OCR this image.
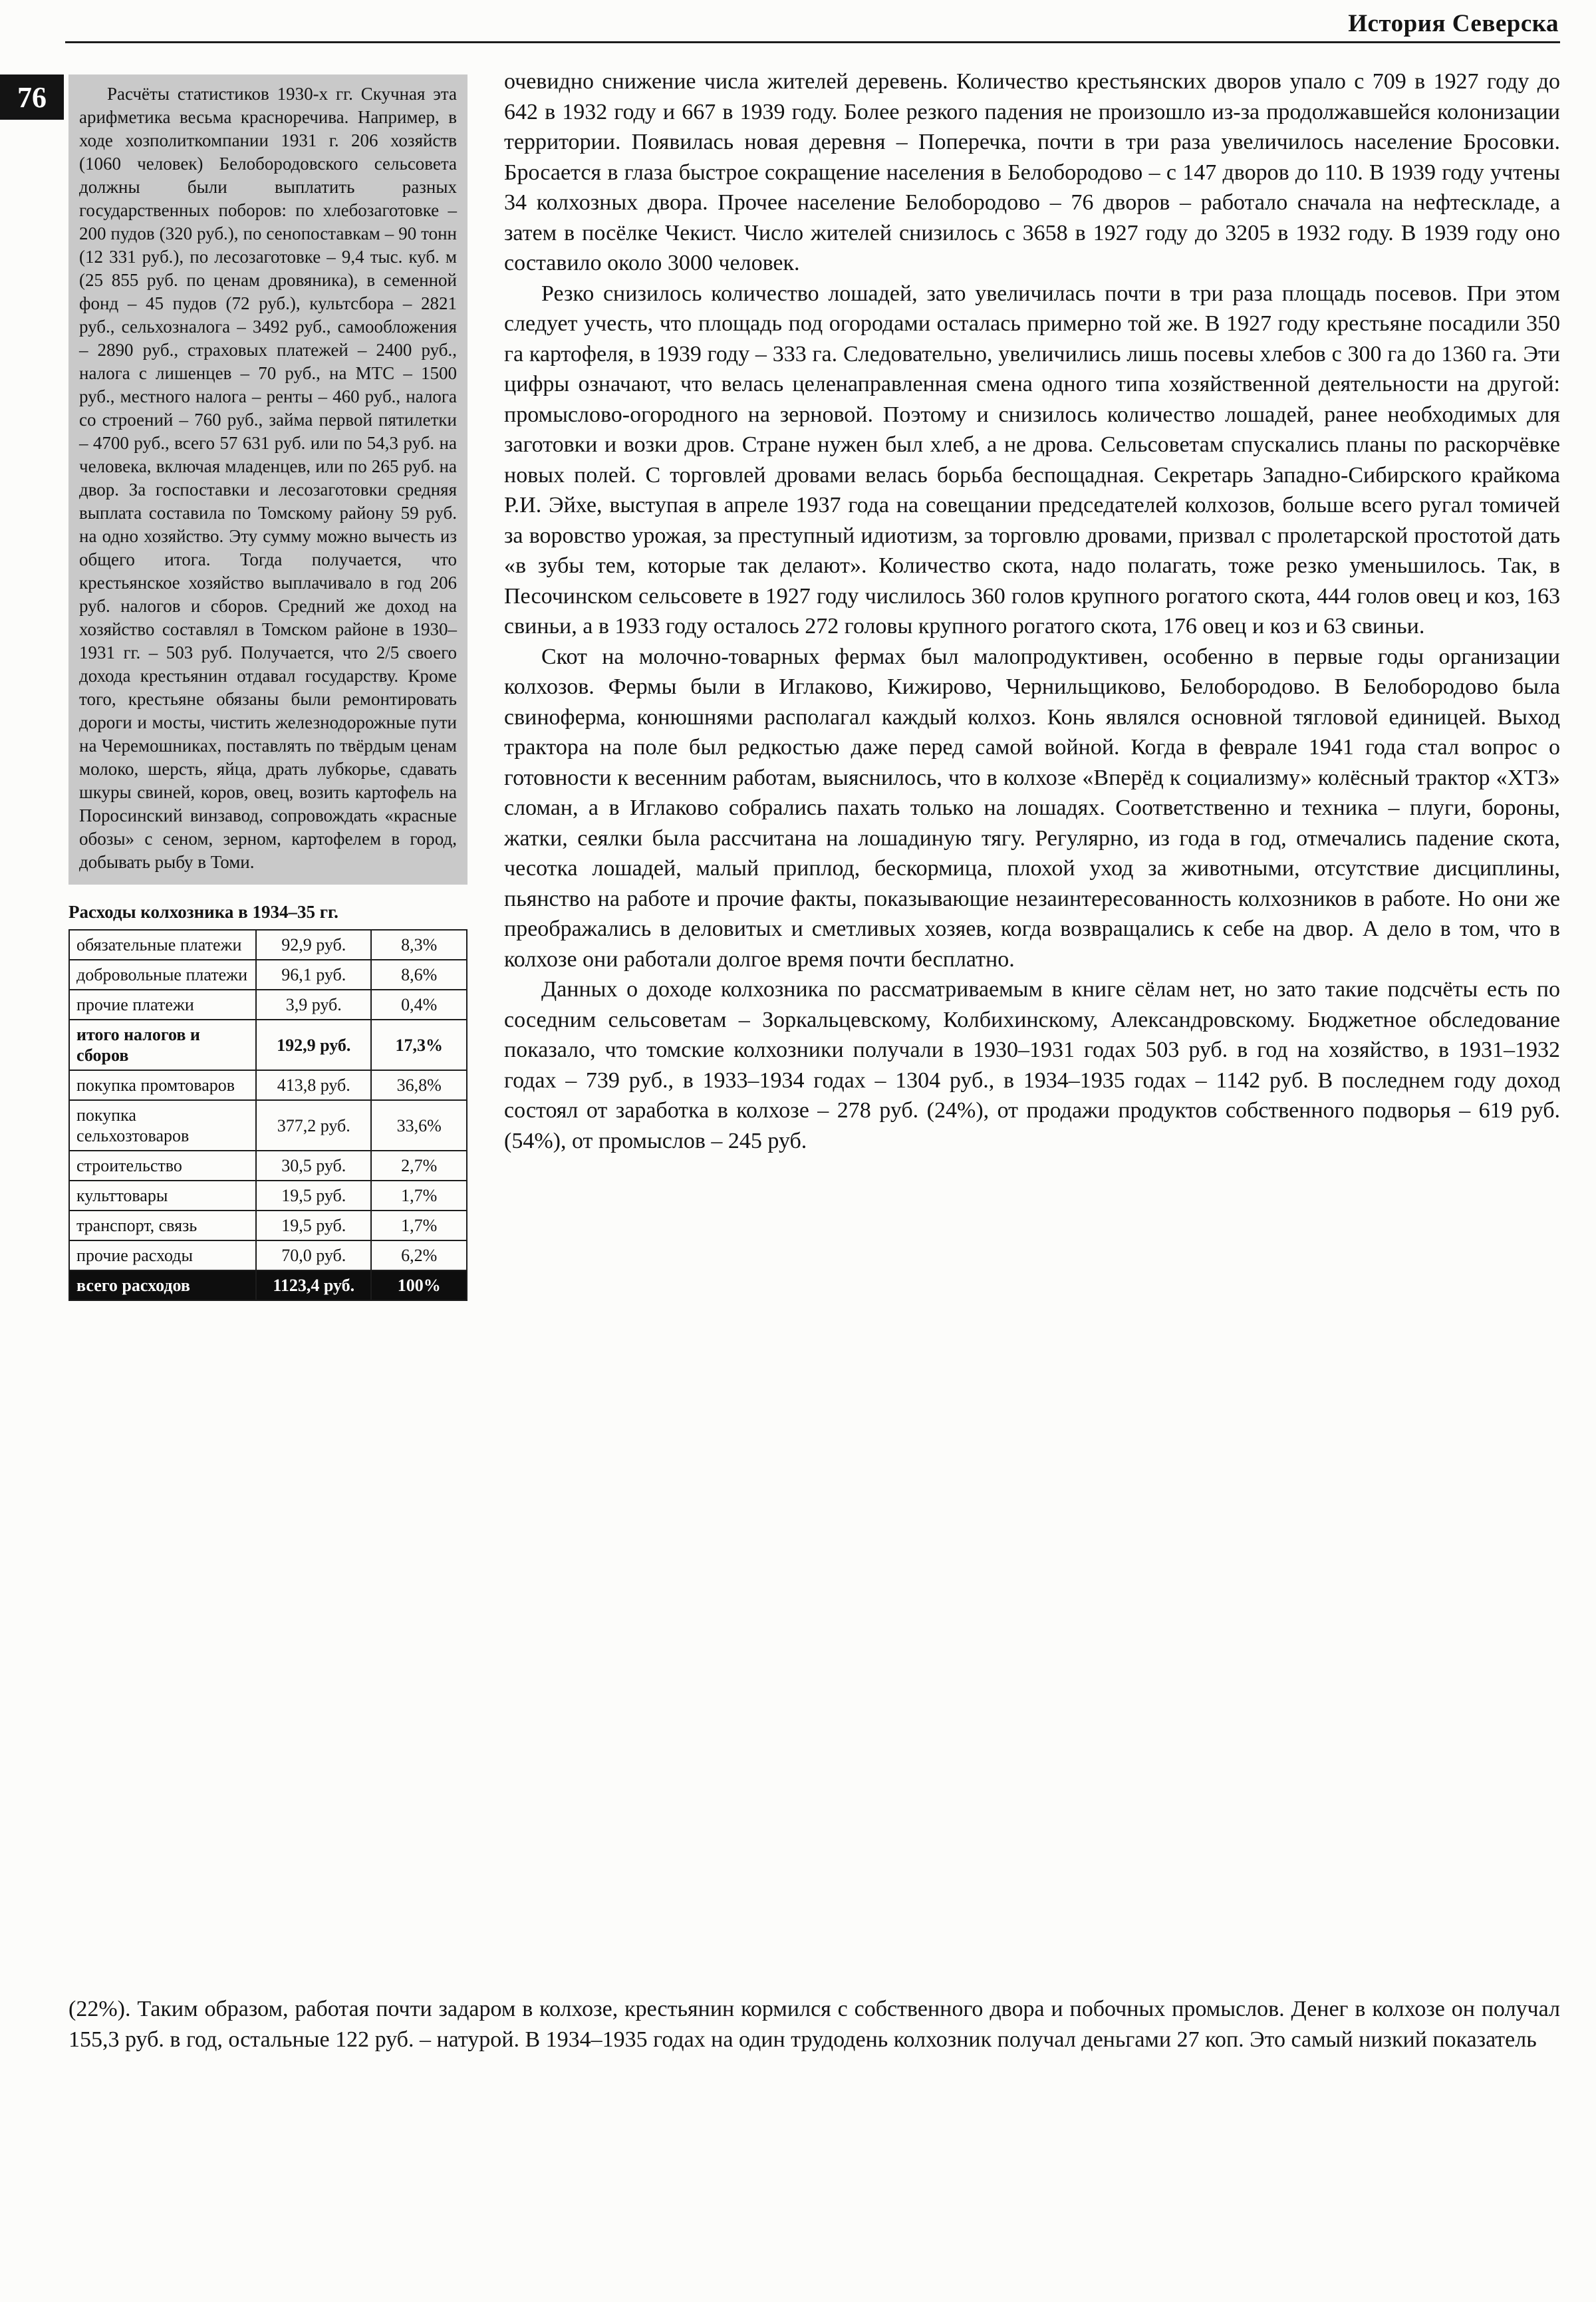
История Северска
76	Расчёты статистиков 1930-х гг. Скучная эта арифметика весьма красноречива. Например, в ходе хозполиткомпании 1931 г. 206 хозяйств (1060 человек) Белобородовского сельсовета должны были выплатить разных государственных поборов: по хлебозаготовке – 200 пудов (320 руб.), по сенопоставкам – 90 тонн (12 331 руб.), по лесозаготовке – 9,4 тыс. куб. м (25 855 руб. по ценам дровяника), в семенной фонд – 45 пудов (72 руб.), культсбора – 2821 руб., сельхозналога – 3492 руб., самообложения – 2890 руб., страховых платежей – 2400 руб., налога с лишенцев – 70 руб., на МТС – 1500 руб., местного налога – ренты – 460 руб., налога со строений – 760 руб., займа первой пятилетки – 4700 руб., всего 57 631 руб. или по 54,3 руб. на человека, включая младенцев, или по 265 руб. на двор. За госпоставки и лесозаготовки средняя выплата составила по Томскому району 59 руб. на одно хозяйство. Эту сумму можно вычесть из общего итога. Тогда получается, что крестьянское хозяйство выплачивало в год 206 руб. налогов и сборов. Средний же доход на хозяйство составлял в Томском районе в 1930–1931 гг. – 503 руб. Получается, что 2/5 своего дохода крестьянин отдавал государству. Кроме того, крестьяне обязаны были ремонтировать дороги и мосты, чистить железнодорожные пути на Черемошниках, поставлять по твёрдым ценам молоко, шерсть, яйца, драть лубкорье, сдавать шкуры свиней, коров, овец, возить картофель на Поросинский винзавод, сопровождать «красные обозы» с сеном, зерном, картофелем в город, добывать рыбу в Томи.

Расходы колхозника в 1934–35 гг.
обязательные платежи	92,9 руб.	8,3%
добровольные платежи	96,1 руб.	8,6%
прочие платежи	3,9 руб.	0,4%
итого налогов и сборов	192,9 руб.	17,3%
покупка промтоваров	413,8 руб.	36,8%
покупка сельхозтоваров	377,2 руб.	33,6%
строительство	30,5 руб.	2,7%
культтовары	19,5 руб.	1,7%
транспорт, связь	19,5 руб.	1,7%
прочие расходы	70,0 руб.	6,2%
всего расходов	1123,4 руб.	100%

очевидно снижение числа жителей деревень. Количество крестьянских дворов упало с 709 в 1927 году до 642 в 1932 году и 667 в 1939 году. Более резкого падения не произошло из-за продолжавшейся колонизации территории. Появилась новая деревня – Поперечка, почти в три раза увеличилось население Бросовки. Бросается в глаза быстрое сокращение населения в Белобородово – с 147 дворов до 110. В 1939 году учтены 34 колхозных двора. Прочее население Белобородово – 76 дворов – работало сначала на нефтескладе, а затем в посёлке Чекист. Число жителей снизилось с 3658 в 1927 году до 3205 в 1932 году. В 1939 году оно составило около 3000 человек.

Резко снизилось количество лошадей, зато увеличилась почти в три раза площадь посевов. При этом следует учесть, что площадь под огородами осталась примерно той же. В 1927 году крестьяне посадили 350 га картофеля, в 1939 году – 333 га. Следовательно, увеличились лишь посевы хлебов с 300 га до 1360 га. Эти цифры означают, что велась целенаправленная смена одного типа хозяйственной деятельности на другой: промыслово-огородного на зерновой. Поэтому и снизилось количество лошадей, ранее необходимых для заготовки и возки дров. Стране нужен был хлеб, а не дрова. Сельсоветам спускались планы по раскорчёвке новых полей. С торговлей дровами велась борьба беспощадная. Секретарь Западно-Сибирского крайкома Р.И. Эйхе, выступая в апреле 1937 года на совещании председателей колхозов, больше всего ругал томичей за воровство урожая, за преступный идиотизм, за торговлю дровами, призвал с пролетарской простотой дать «в зубы тем, которые так делают». Количество скота, надо полагать, тоже резко уменьшилось. Так, в Песочинском сельсовете в 1927 году числилось 360 голов крупного рогатого скота, 444 голов овец и коз, 163 свиньи, а в 1933 году осталось 272 головы крупного рогатого скота, 176 овец и коз и 63 свиньи.

Скот на молочно-товарных фермах был малопродуктивен, особенно в первые годы организации колхозов. Фермы были в Иглаково, Кижирово, Чернильщиково, Белобородово. В Белобородово была свиноферма, конюшнями располагал каждый колхоз. Конь являлся основной тягловой единицей. Выход трактора на поле был редкостью даже перед самой войной. Когда в феврале 1941 года стал вопрос о готовности к весенним работам, выяснилось, что в колхозе «Вперёд к социализму» колёсный трактор «ХТЗ» сломан, а в Иглаково собрались пахать только на лошадях. Соответственно и техника – плуги, бороны, жатки, сеялки была рассчитана на лошадиную тягу. Регулярно, из года в год, отмечались падение скота, чесотка лошадей, малый приплод, бескормица, плохой уход за животными, отсутствие дисциплины, пьянство на работе и прочие факты, показывающие незаинтересованность колхозников в работе. Но они же преображались в деловитых и сметливых хозяев, когда возвращались к себе на двор. А дело в том, что в колхозе они работали долгое время почти бесплатно.

Данных о доходе колхозника по рассматриваемым в книге сёлам нет, но зато такие подсчёты есть по соседним сельсоветам – Зоркальцевскому, Колбихинскому, Александровскому. Бюджетное обследование показало, что томские колхозники получали в 1930–1931 годах 503 руб. в год на хозяйство, в 1931–1932 годах – 739 руб., в 1933–1934 годах – 1304 руб., в 1934–1935 годах – 1142 руб. В последнем году доход состоял от заработка в колхозе – 278 руб. (24%), от продажи продуктов собственного подворья – 619 руб. (54%), от промыслов – 245 руб.

(22%). Таким образом, работая почти задаром в колхозе, крестьянин кормился с собственного двора и побочных промыслов. Денег в колхозе он получал 155,3 руб. в год, остальные 122 руб. – натурой. В 1934–1935 годах на один трудодень колхозник получал деньгами 27 коп. Это самый низкий показатель
